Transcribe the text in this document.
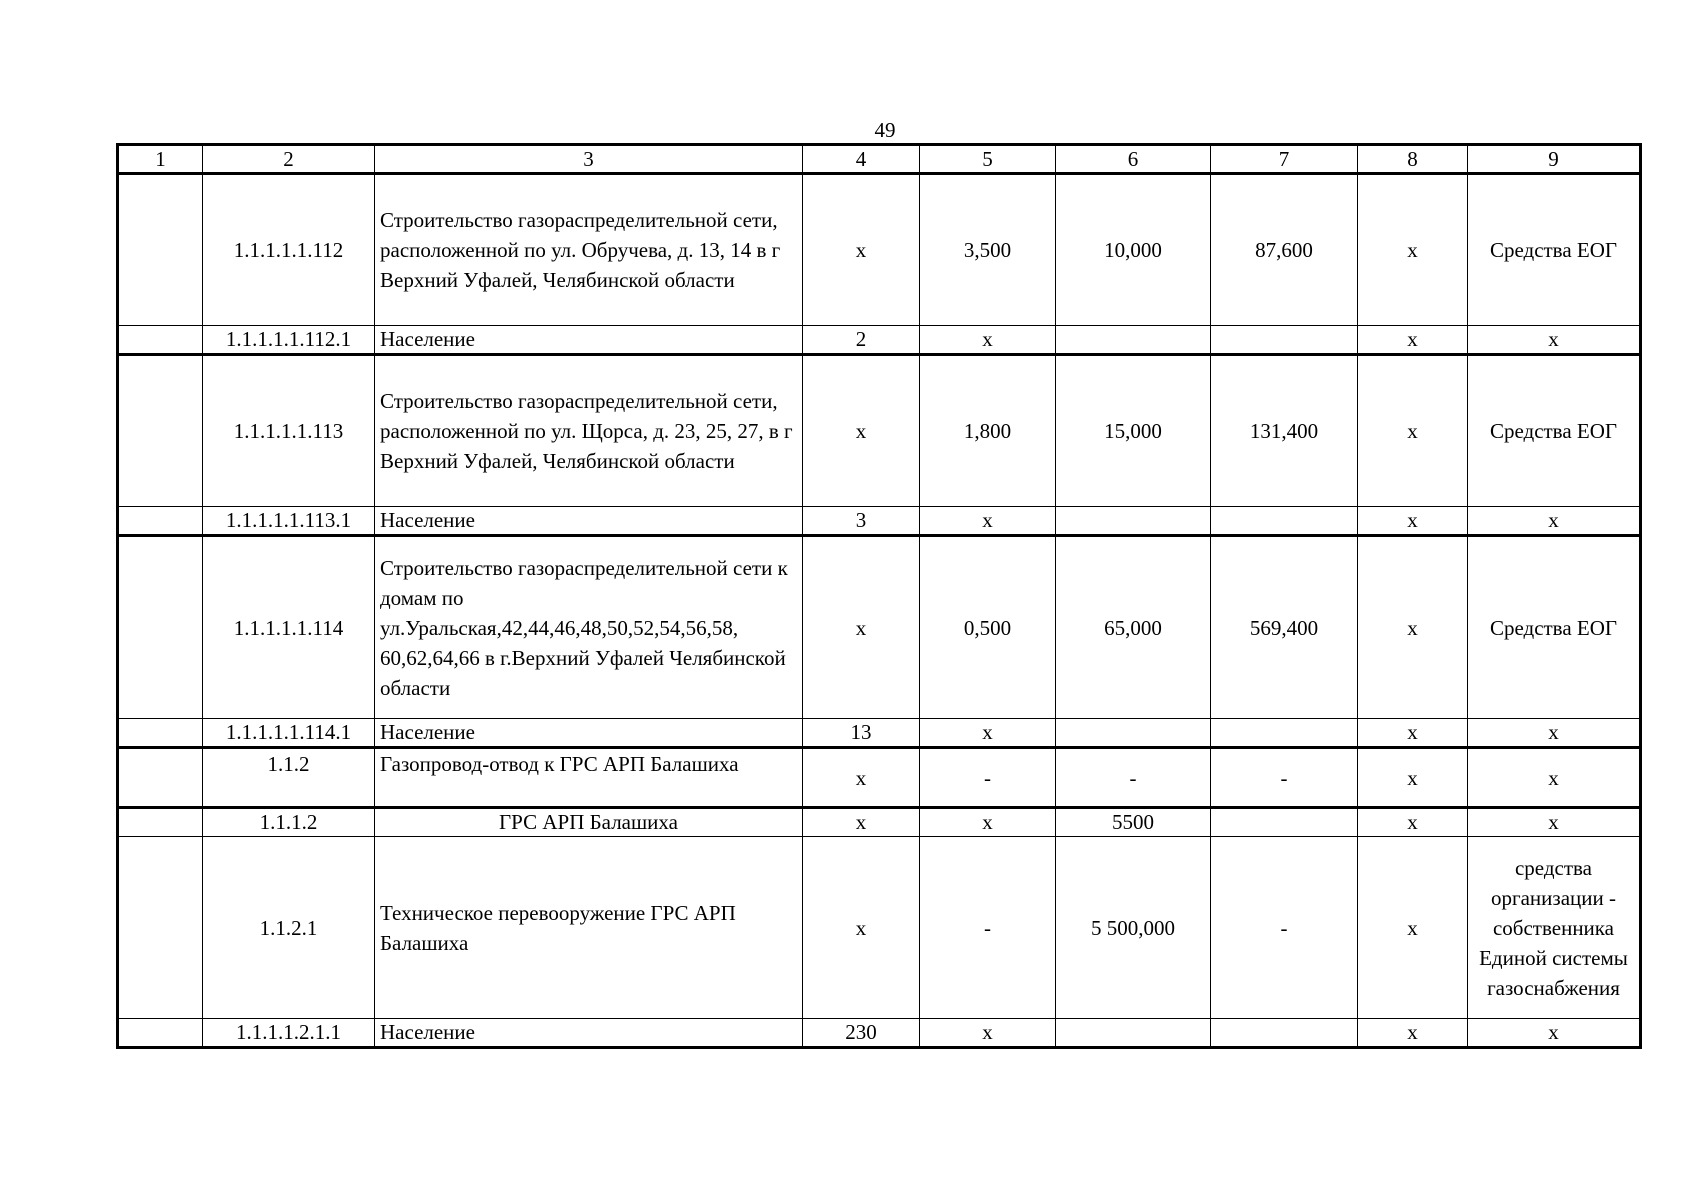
49
1	2	3	4	5	6	7	8	9
	1.1.1.1.1.112	Строительство газораспределительной сети, расположенной по ул. Обручева, д. 13, 14 в г Верхний Уфалей, Челябинской области	x	3,500	10,000	87,600	x	Средства ЕОГ
	1.1.1.1.1.112.1	Население	2	x			x	x
	1.1.1.1.1.113	Строительство газораспределительной сети, расположенной по ул. Щорса, д. 23, 25, 27, в г Верхний Уфалей, Челябинской области	x	1,800	15,000	131,400	x	Средства ЕОГ
	1.1.1.1.1.113.1	Население	3	x			x	x
	1.1.1.1.1.114	Строительство газораспределительной сети к домам по ул.Уральская,42,44,46,48,50,52,54,56,58, 60,62,64,66 в г.Верхний Уфалей Челябинской области	x	0,500	65,000	569,400	x	Средства ЕОГ
	1.1.1.1.1.114.1	Население	13	x			x	x
	1.1.2	Газопровод-отвод к ГРС АРП Балашиха	x	-	-	-	x	x
	1.1.1.2	ГРС АРП Балашиха	x	x	5500		x	x
	1.1.2.1	Техническое перевооружение ГРС АРП Балашиха	x	-	5 500,000	-	x	средства организации - собственника Единой системы газоснабжения
	1.1.1.1.2.1.1	Население	230	x			x	x
